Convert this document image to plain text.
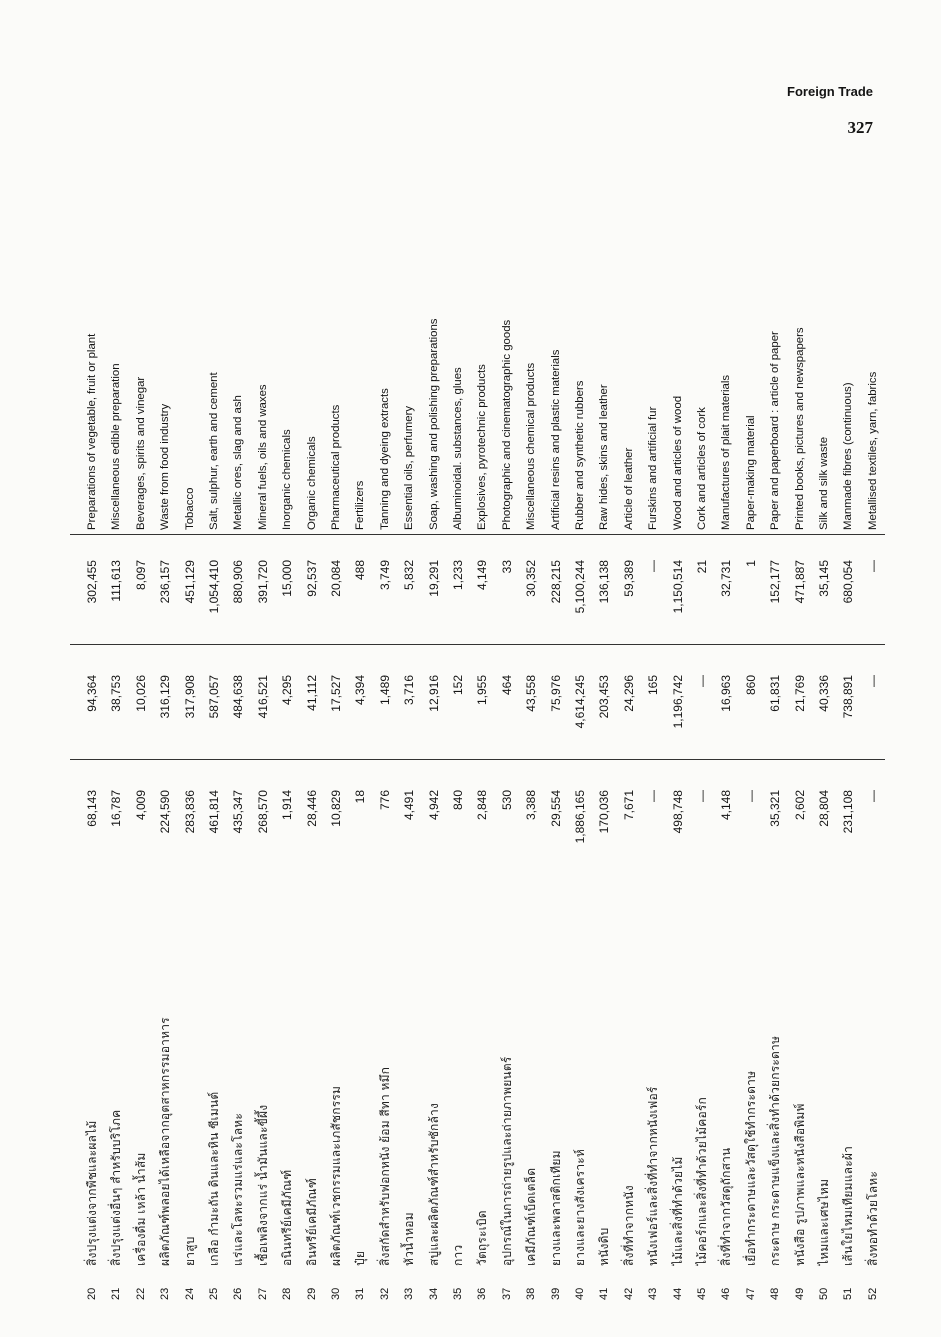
Foreign Trade
327
20
สิ่งปรุงแต่งจากพืชและผลไม้
68,143
94,364
302,455
Preparations of vegetable, fruit or plant
21
สิ่งปรุงแต่งอื่นๆ สำหรับบริโภค
16,787
38,753
111,613
Miscellaneous edible preparation
22
เครื่องดื่ม เหล้า น้ำส้ม
4,009
10,026
8,097
Beverages, spirits and vinegar
23
ผลิตภัณฑ์พลอยได้เหลือจากอุตสาหกรรมอาหาร
224,590
316,129
236,157
Waste from food industry
24
ยาสูบ
283,836
317,908
451,129
Tobacco
25
เกลือ กำมะถัน ดินและหิน ซีเมนต์
461,814
587,057
1,054,410
Salt, sulphur, earth and cement
26
แร่และโลหะรวมแร่และโลหะ
435,347
484,638
880,906
Metallic ores, slag and ash
27
เชื้อเพลิงจากแร่ น้ำมันและขี้ผึ้ง
268,570
416,521
391,720
Mineral fuels, oils and waxes
28
อนินทรีย์เคมีภัณฑ์
1,914
4,295
15,000
Inorganic chemicals
29
อินทรีย์เคมีภัณฑ์
28,446
41,112
92,537
Organic chemicals
30
ผลิตภัณฑ์เวชกรรมและเภสัชกรรม
10,829
17,527
20,084
Pharmaceutical products
31
ปุ๋ย
18
4,394
488
Fertilizers
32
สิ่งสกัดสำหรับฟอกหนัง ย้อม สีทา หมึก
776
1,489
3,749
Tanning and dyeing extracts
33
หัวน้ำหอม
4,491
3,716
5,832
Essential oils, perfumery
34
สบู่และผลิตภัณฑ์สำหรับซักล้าง
4,942
12,916
19,291
Soap, washing and polishing preparations
35
กาว
840
152
1,233
Albuminoidal. substances, glues
36
วัตถุระเบิด
2,848
1,955
4,149
Explosives, pyrotechnic products
37
อุปกรณ์ในการถ่ายรูปและถ่ายภาพยนตร์
530
464
33
Photographic and cinematographic goods
38
เคมีภัณฑ์เบ็ดเตล็ด
3,388
43,558
30,352
Miscellaneous chemical products
39
ยางและพลาสติกเทียม
29,554
75,976
228,215
Artificial resins and plastic materials
40
ยางและยางสังเคราะห์
1,886,165
4,614,245
5,100,244
Rubber and synthetic rubbers
41
หนังดิบ
170,036
203,453
136,138
Raw hides, skins and leather
42
สิ่งที่ทำจากหนัง
7,671
24,296
59,389
Article of leather
43
หนังเฟอร์และสิ่งที่ทำจากหนังเฟอร์
—
165
—
Furskins and artificial fur
44
ไม้และสิ่งที่ทำด้วยไม้
498,748
1,196,742
1,150,514
Wood and articles of wood
45
ไม้คอร์กและสิ่งที่ทำด้วยไม้คอร์ก
—
—
21
Cork and articles of cork
46
สิ่งที่ทำจากวัสดุถักสาน
4,148
16,963
32,731
Manufactures of plait materials
47
เยื่อทำกระดาษและวัสดุใช้ทำกระดาษ
—
860
1
Paper-making material
48
กระดาษ กระดาษแข็งและสิ่งทำด้วยกระดาษ
35,321
61,831
152,177
Paper and paperboard : article of paper
49
หนังสือ รูปภาพและหนังสือพิมพ์
2,602
21,769
471,887
Printed books, pictures and newspapers
50
ไหมและเศษไหม
28,804
40,336
35,145
Silk and silk waste
51
เส้นใยไหมเทียมและผ้า
231,108
738,891
680,054
Manmade fibres (continuous)
52
สิ่งทอทำด้วยโลหะ
—
—
—
Metallised textiles, yarn, fabrics
